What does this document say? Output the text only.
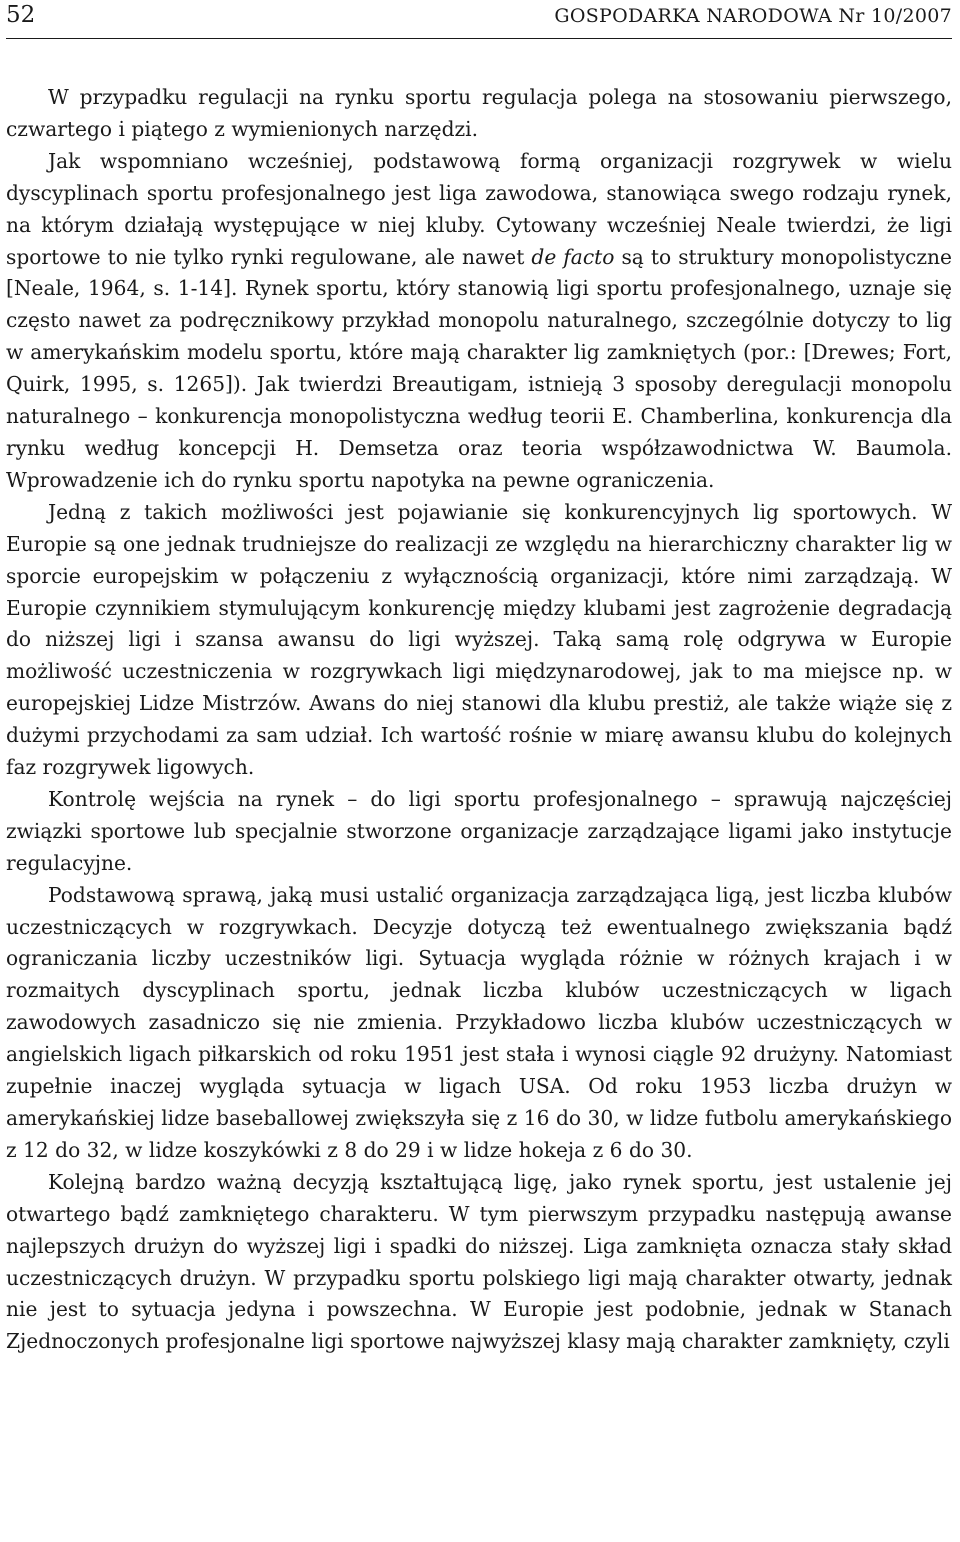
52	GOSPODARKA NARODOWA Nr 10/2007

W przypadku regulacji na rynku sportu regulacja polega na stosowaniu pierwszego, czwartego i piątego z wymienionych narzędzi.

Jak wspomniano wcześniej, podstawową formą organizacji rozgrywek w wielu dyscyplinach sportu profesjonalnego jest liga zawodowa, stanowiąca swego rodzaju rynek, na którym działają występujące w niej kluby. Cytowany wcześniej Neale twierdzi, że ligi sportowe to nie tylko rynki regulowane, ale nawet de facto są to struktury monopolistyczne [Neale, 1964, s. 1-14]. Rynek sportu, który stanowią ligi sportu profesjonalnego, uznaje się często nawet za podręcznikowy przykład monopolu naturalnego, szczególnie dotyczy to lig w amerykańskim modelu sportu, które mają charakter lig zamkniętych (por.: [Drewes; Fort, Quirk, 1995, s. 1265]). Jak twierdzi Breautigam, istnieją 3 sposoby deregulacji monopolu naturalnego – konkurencja monopolistyczna według teorii E. Chamberlina, konkurencja dla rynku według koncepcji H. Demsetza oraz teoria współzawodnictwa W. Baumola. Wprowadzenie ich do rynku sportu napotyka na pewne ograniczenia.

Jedną z takich możliwości jest pojawianie się konkurencyjnych lig sportowych. W Europie są one jednak trudniejsze do realizacji ze względu na hierarchiczny charakter lig w sporcie europejskim w połączeniu z wyłącznością organizacji, które nimi zarządzają. W Europie czynnikiem stymulującym konkurencję między klubami jest zagrożenie degradacją do niższej ligi i szansa awansu do ligi wyższej. Taką samą rolę odgrywa w Europie możliwość uczestniczenia w rozgrywkach ligi międzynarodowej, jak to ma miejsce np. w europejskiej Lidze Mistrzów. Awans do niej stanowi dla klubu prestiż, ale także wiąże się z dużymi przychodami za sam udział. Ich wartość rośnie w miarę awansu klubu do kolejnych faz rozgrywek ligowych.

Kontrolę wejścia na rynek – do ligi sportu profesjonalnego – sprawują najczęściej związki sportowe lub specjalnie stworzone organizacje zarządzające ligami jako instytucje regulacyjne.

Podstawową sprawą, jaką musi ustalić organizacja zarządzająca ligą, jest liczba klubów uczestniczących w rozgrywkach. Decyzje dotyczą też ewentualnego zwiększania bądź ograniczania liczby uczestników ligi. Sytuacja wygląda różnie w różnych krajach i w rozmaitych dyscyplinach sportu, jednak liczba klubów uczestniczących w ligach zawodowych zasadniczo się nie zmienia. Przykładowo liczba klubów uczestniczących w angielskich ligach piłkarskich od roku 1951 jest stała i wynosi ciągle 92 drużyny. Natomiast zupełnie inaczej wygląda sytuacja w ligach USA. Od roku 1953 liczba drużyn w amerykańskiej lidze baseballowej zwiększyła się z 16 do 30, w lidze futbolu amerykańskiego z 12 do 32, w lidze koszykówki z 8 do 29 i w lidze hokeja z 6 do 30.

Kolejną bardzo ważną decyzją kształtującą ligę, jako rynek sportu, jest ustalenie jej otwartego bądź zamkniętego charakteru. W tym pierwszym przypadku następują awanse najlepszych drużyn do wyższej ligi i spadki do niższej. Liga zamknięta oznacza stały skład uczestniczących drużyn. W przypadku sportu polskiego ligi mają charakter otwarty, jednak nie jest to sytuacja jedyna i powszechna. W Europie jest podobnie, jednak w Stanach Zjednoczonych profesjonalne ligi sportowe najwyższej klasy mają charakter zamknięty, czyli
